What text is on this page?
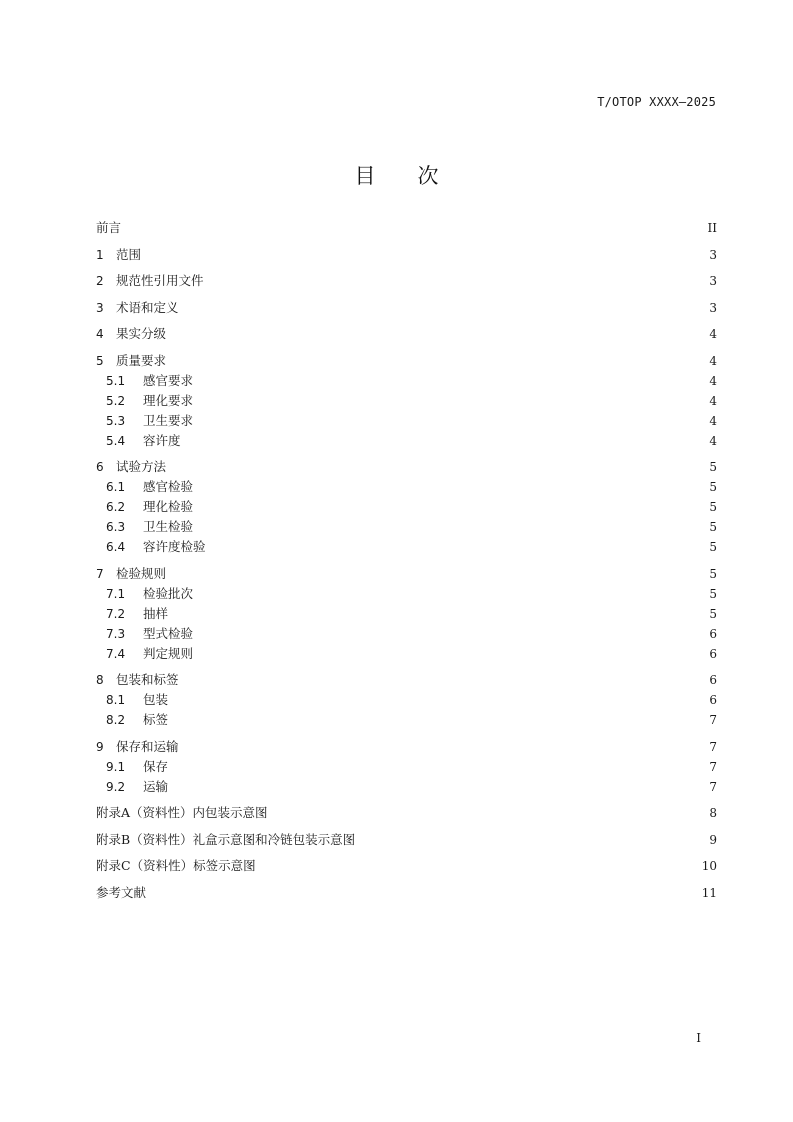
T/OTOP XXXX—2025
目次
前言	II
1 范围	3
2 规范性引用文件	3
3 术语和定义	3
4 果实分级	4
5 质量要求	4
5.1	感官要求	4
5.2	理化要求	4
5.3	卫生要求	4
5.4	容许度	4
6 试验方法	5
6.1	感官检验	5
6.2	理化检验	5
6.3	卫生检验	5
6.4	容许度检验	5
7 检验规则	5
7.1	检验批次	5
7.2	抽样	5
7.3	型式检验	6
7.4	判定规则	6
8 包装和标签	6
8.1	包装	6
8.2	标签	7
9 保存和运输	7
9.1	保存	7
9.2	运输	7
附录A（资料性）内包装示意图	8
附录B（资料性）礼盒示意图和冷链包装示意图	9
附录C（资料性）标签示意图	10
参考文献	11
I
